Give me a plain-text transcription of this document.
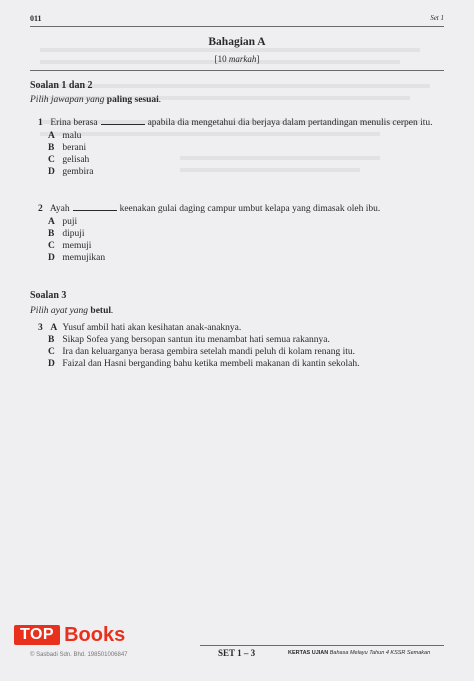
011	Set 1
Bahagian A
[10 markah]
Soalan 1 dan 2
Pilih jawapan yang paling sesuai.
1 Erina berasa	apabila dia mengetahui dia berjaya dalam pertandingan menulis cerpen itu.
A malu
B berani
C gelisah
D gembira
2 Ayah	keenakan gulai daging campur umbut kelapa yang dimasak oleh ibu.
A puji
B dipuji
C memuji
D memujikan
Soalan 3
Pilih ayat yang betul.
3 A Yusuf ambil hati akan kesihatan anak-anaknya.
B Sikap Sofea yang bersopan santun itu menambat hati semua rakannya.
C Ira dan keluarganya berasa gembira setelah mandi peluh di kolam renang itu.
D Faizal dan Hasni berganding bahu ketika membeli makanan di kantin sekolah.
TOP Books
© Sasbadi Sdn. Bhd. 198501006847	SET 1 – 3	KERTAS UJIAN Bahasa Melayu Tahun 4 KSSR Semakan
